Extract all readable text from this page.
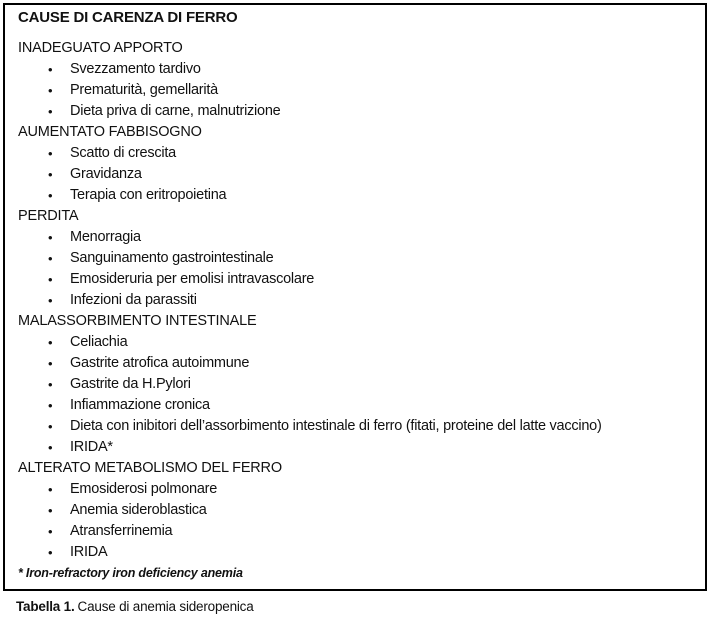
CAUSE DI CARENZA DI FERRO
INADEGUATO APPORTO
• Svezzamento tardivo
• Prematurità, gemellarità
• Dieta priva di carne, malnutrizione
AUMENTATO FABBISOGNO
• Scatto di crescita
• Gravidanza
• Terapia con eritropoietina
PERDITA
• Menorragia
• Sanguinamento gastrointestinale
• Emosideruria per emolisi intravascolare
• Infezioni da parassiti
MALASSORBIMENTO INTESTINALE
• Celiachia
• Gastrite atrofica autoimmune
• Gastrite da H.Pylori
• Infiammazione cronica
• Dieta con inibitori dell’assorbimento intestinale di ferro (fitati, proteine del latte vaccino)
• IRIDA*
ALTERATO METABOLISMO DEL FERRO
• Emosiderosi polmonare
• Anemia sideroblastica
• Atransferrinemia
• IRIDA
* Iron-refractory iron deficiency anemia
Tabella 1. Cause di anemia sideropenica
